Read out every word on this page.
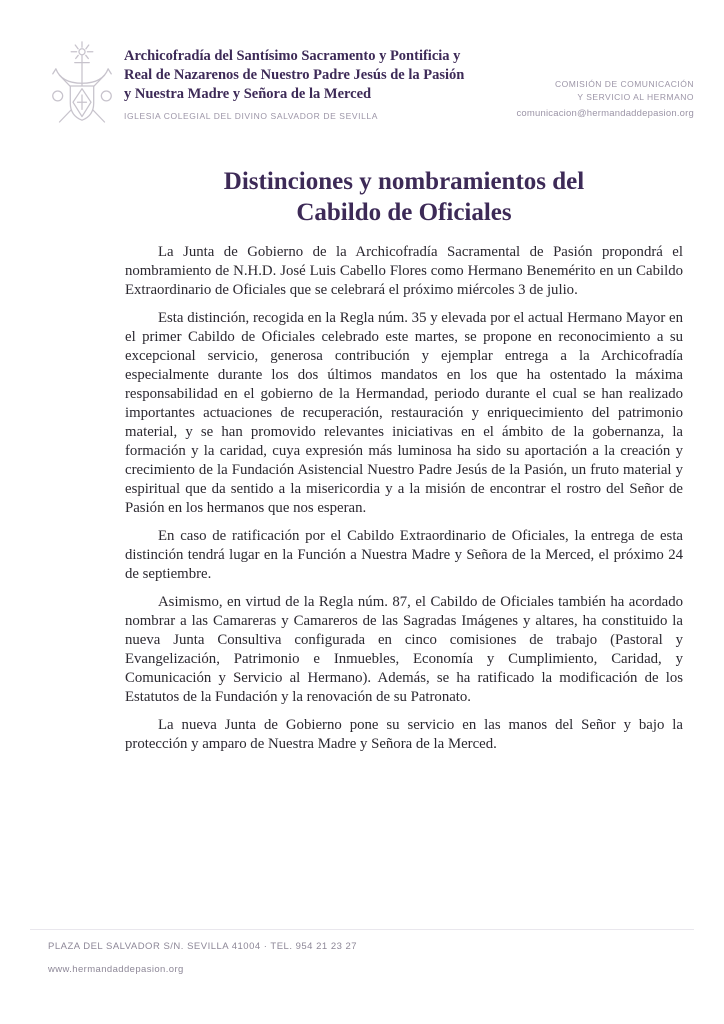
Archicofradía del Santísimo Sacramento y Pontificia y
Real de Nazarenos de Nuestro Padre Jesús de la Pasión
y Nuestra Madre y Señora de la Merced
IGLESIA COLEGIAL DEL DIVINO SALVADOR DE SEVILLA
COMISIÓN DE COMUNICACIÓN
Y SERVICIO AL HERMANO
comunicacion@hermandaddepasion.org
Distinciones y nombramientos del
Cabildo de Oficiales

La Junta de Gobierno de la Archicofradía Sacramental de Pasión propondrá el nombramiento de N.H.D. José Luis Cabello Flores como Hermano Benemérito en un Cabildo Extraordinario de Oficiales que se celebrará el próximo miércoles 3 de julio.

Esta distinción, recogida en la Regla núm. 35 y elevada por el actual Hermano Mayor en el primer Cabildo de Oficiales celebrado este martes, se propone en reconocimiento a su excepcional servicio, generosa contribución y ejemplar entrega a la Archicofradía especialmente durante los dos últimos mandatos en los que ha ostentado la máxima responsabilidad en el gobierno de la Hermandad, periodo durante el cual se han realizado importantes actuaciones de recuperación, restauración y enriquecimiento del patrimonio material, y se han promovido relevantes iniciativas en el ámbito de la gobernanza, la formación y la caridad, cuya expresión más luminosa ha sido su aportación a la creación y crecimiento de la Fundación Asistencial Nuestro Padre Jesús de la Pasión, un fruto material y espiritual que da sentido a la misericordia y a la misión de encontrar el rostro del Señor de Pasión en los hermanos que nos esperan.

En caso de ratificación por el Cabildo Extraordinario de Oficiales, la entrega de esta distinción tendrá lugar en la Función a Nuestra Madre y Señora de la Merced, el próximo 24 de septiembre.

Asimismo, en virtud de la Regla núm. 87, el Cabildo de Oficiales también ha acordado nombrar a las Camareras y Camareros de las Sagradas Imágenes y altares, ha constituido la nueva Junta Consultiva configurada en cinco comisiones de trabajo (Pastoral y Evangelización, Patrimonio e Inmuebles, Economía y Cumplimiento, Caridad, y Comunicación y Servicio al Hermano). Además, se ha ratificado la modificación de los Estatutos de la Fundación y la renovación de su Patronato.

La nueva Junta de Gobierno pone su servicio en las manos del Señor y bajo la protección y amparo de Nuestra Madre y Señora de la Merced.

PLAZA DEL SALVADOR S/N. SEVILLA 41004 · TEL. 954 21 23 27
www.hermandaddepasion.org
